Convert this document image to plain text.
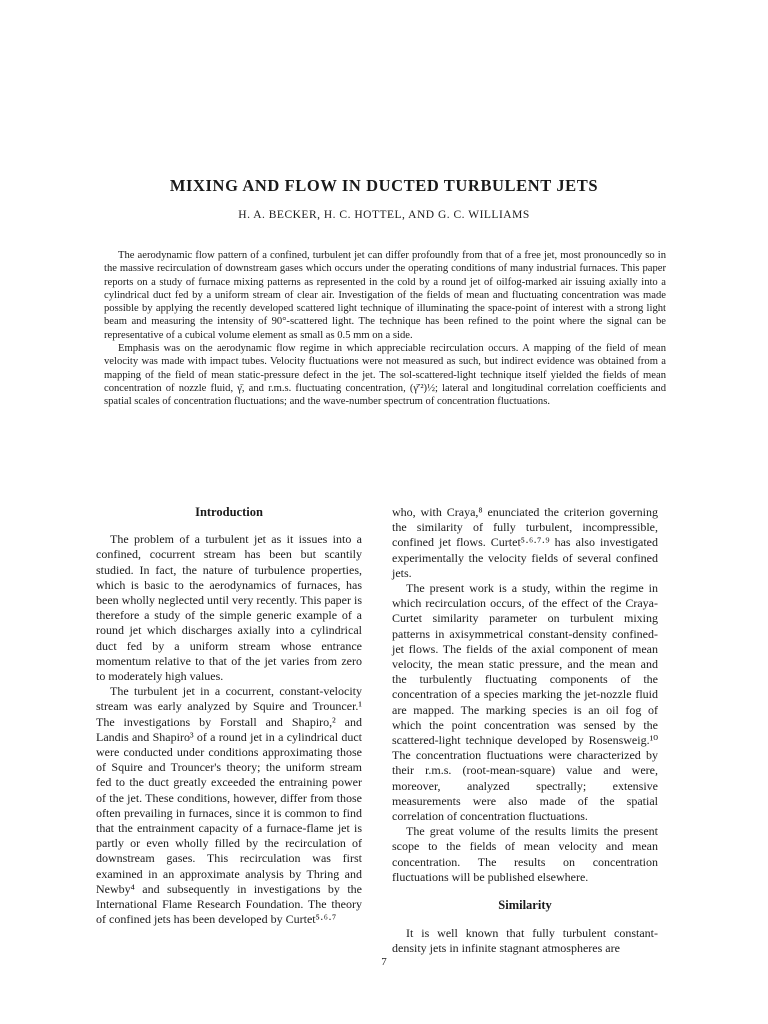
MIXING AND FLOW IN DUCTED TURBULENT JETS
H. A. BECKER, H. C. HOTTEL, AND G. C. WILLIAMS

The aerodynamic flow pattern of a confined, turbulent jet can differ profoundly from that of a free jet, most pronouncedly so in the massive recirculation of downstream gases which occurs under the operating conditions of many industrial furnaces. This paper reports on a study of furnace mixing patterns as represented in the cold by a round jet of oilfog-marked air issuing axially into a cylindrical duct fed by a uniform stream of clear air. Investigation of the fields of mean and fluctuating concentration was made possible by applying the recently developed scattered light technique of illuminating the space-point of interest with a strong light beam and measuring the intensity of 90°-scattered light. The technique has been refined to the point where the signal can be representative of a cubical volume element as small as 0.5 mm on a side.

Emphasis was on the aerodynamic flow regime in which appreciable recirculation occurs. A mapping of the field of mean velocity was made with impact tubes. Velocity fluctuations were not measured as such, but indirect evidence was obtained from a mapping of the field of mean static-pressure defect in the jet. The sol-scattered-light technique itself yielded the fields of mean concentration of nozzle fluid, γ̄, and r.m.s. fluctuating concentration, (γ̄′²)½; lateral and longitudinal correlation coefficients and spatial scales of concentration fluctuations; and the wave-number spectrum of concentration fluctuations.

Introduction

The problem of a turbulent jet as it issues into a confined, cocurrent stream has been but scantily studied. In fact, the nature of turbulence properties, which is basic to the aerodynamics of furnaces, has been wholly neglected until very recently. This paper is therefore a study of the simple generic example of a round jet which discharges axially into a cylindrical duct fed by a uniform stream whose entrance momentum relative to that of the jet varies from zero to moderately high values.

The turbulent jet in a cocurrent, constant-velocity stream was early analyzed by Squire and Trouncer.¹ The investigations by Forstall and Shapiro,² and Landis and Shapiro³ of a round jet in a cylindrical duct were conducted under conditions approximating those of Squire and Trouncer's theory; the uniform stream fed to the duct greatly exceeded the entraining power of the jet. These conditions, however, differ from those often prevailing in furnaces, since it is common to find that the entrainment capacity of a furnace-flame jet is partly or even wholly filled by the recirculation of downstream gases. This recirculation was first examined in an approximate analysis by Thring and Newby⁴ and subsequently in investigations by the International Flame Research Foundation. The theory of confined jets has been developed by Curtet⁵·⁶·⁷

who, with Craya,⁸ enunciated the criterion governing the similarity of fully turbulent, incompressible, confined jet flows. Curtet⁵·⁶·⁷·⁹ has also investigated experimentally the velocity fields of several confined jets.

The present work is a study, within the regime in which recirculation occurs, of the effect of the Craya-Curtet similarity parameter on turbulent mixing patterns in axisymmetrical constant-density confined-jet flows. The fields of the axial component of mean velocity, the mean static pressure, and the mean and the turbulently fluctuating components of the concentration of a species marking the jet-nozzle fluid are mapped. The marking species is an oil fog of which the point concentration was sensed by the scattered-light technique developed by Rosensweig.¹⁰ The concentration fluctuations were characterized by their r.m.s. (root-mean-square) value and were, moreover, analyzed spectrally; extensive measurements were also made of the spatial correlation of concentration fluctuations.

The great volume of the results limits the present scope to the fields of mean velocity and mean concentration. The results on concentration fluctuations will be published elsewhere.

Similarity

It is well known that fully turbulent constant-density jets in infinite stagnant atmospheres are

7
